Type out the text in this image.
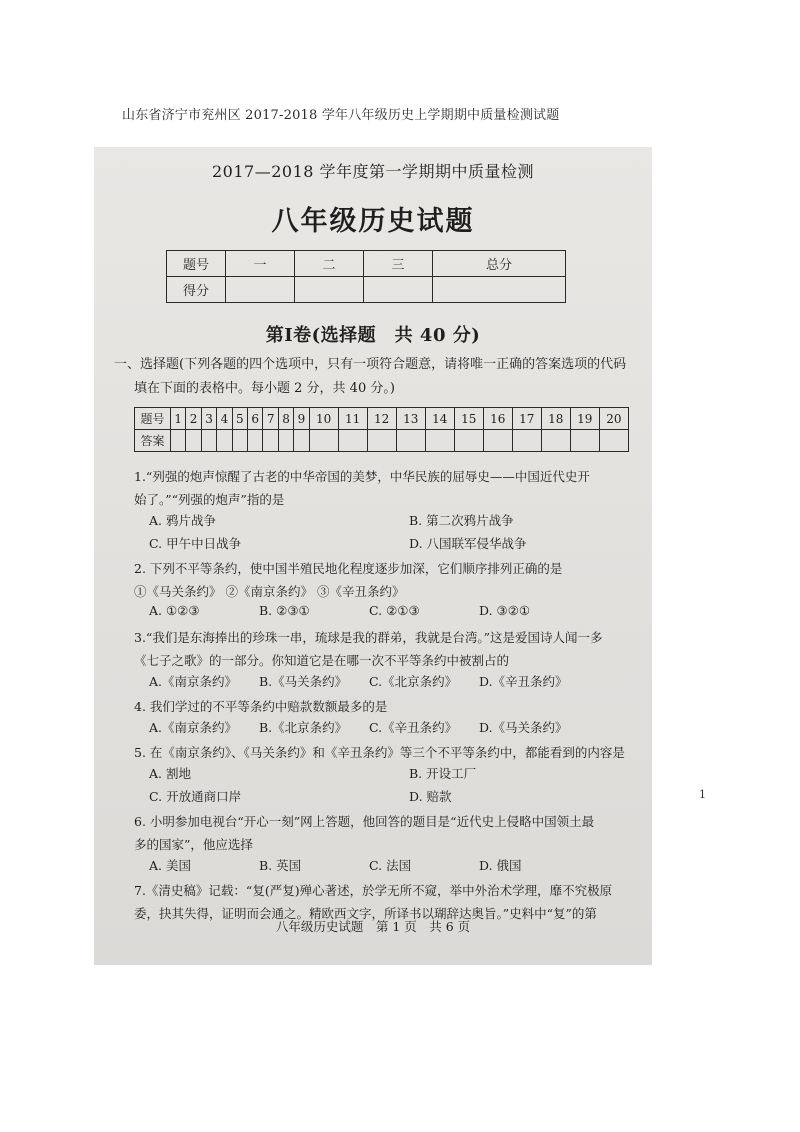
山东省济宁市兖州区 2017-2018 学年八年级历史上学期期中质量检测试题
2017—2018 学年度第一学期期中质量检测
八年级历史试题
题号	一	二	三	总分
得分				
第Ⅰ卷(选择题　共 40 分)
一、选择题(下列各题的四个选项中，只有一项符合题意，请将唯一正确的答案选项的代码
填在下面的表格中。每小题 2 分，共 40 分。)
题号	1	2	3	4	5	6	7	8	9	10	11	12	13	14	15	16	17	18	19	20
答案																				
1.“列强的炮声惊醒了古老的中华帝国的美梦，中华民族的屈辱史——中国近代史开
始了。”“列强的炮声”指的是
A. 鸦片战争	B. 第二次鸦片战争
C. 甲午中日战争	D. 八国联军侵华战争
2. 下列不平等条约，使中国半殖民地化程度逐步加深，它们顺序排列正确的是
①《马关条约》 ②《南京条约》 ③《辛丑条约》
A. ①②③	B. ②③①	C. ②①③	D. ③②①
3.“我们是东海捧出的珍珠一串，琉球是我的群弟，我就是台湾。”这是爱国诗人闻一多
《七子之歌》的一部分。你知道它是在哪一次不平等条约中被割占的
A.《南京条约》 B.《马关条约》 C.《北京条约》 D.《辛丑条约》
4. 我们学过的不平等条约中赔款数额最多的是
A.《南京条约》 B.《北京条约》 C.《辛丑条约》 D.《马关条约》
5. 在《南京条约》、《马关条约》和《辛丑条约》等三个不平等条约中，都能看到的内容是
A. 割地	B. 开设工厂
C. 开放通商口岸	D. 赔款
6. 小明参加电视台“开心一刻”网上答题，他回答的题目是“近代史上侵略中国领土最
多的国家”，他应选择
A. 美国	B. 英国	C. 法国	D. 俄国
7.《清史稿》记载：“复(严复)殚心著述，於学无所不窥，举中外治术学理，靡不究极原
委，抉其失得，证明而会通之。精欧西文字，所译书以瑚辞达奥旨。”史料中“复”的第
八年级历史试题　第 1 页　共 6 页
1
